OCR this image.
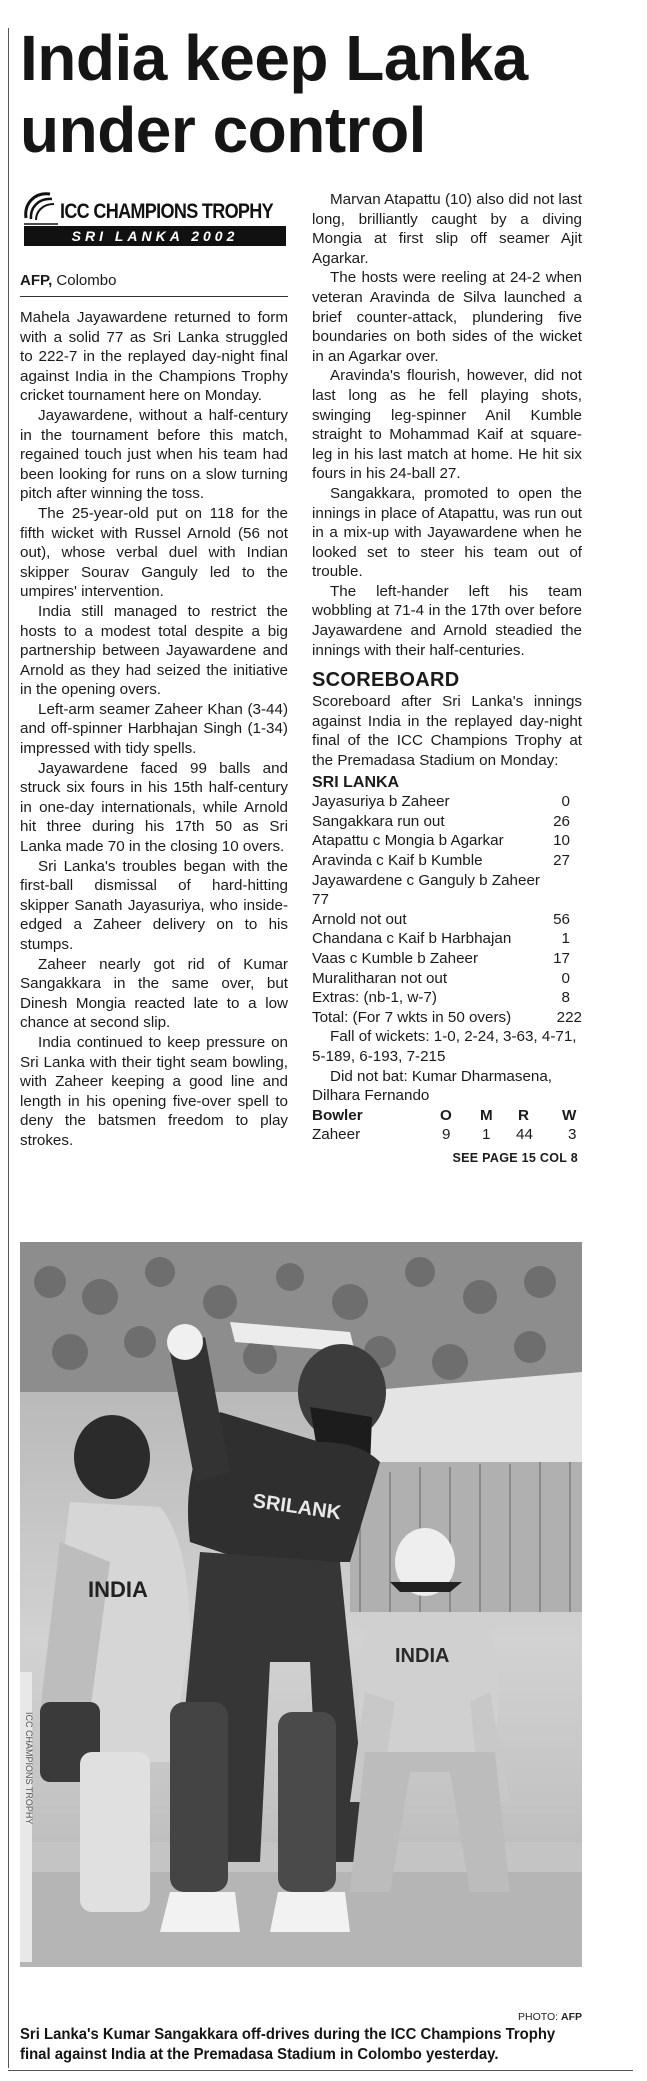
India keep Lanka
under control
ICC CHAMPIONS TROPHY
SRI LANKA 2002
AFP, Colombo

Mahela Jayawardene returned to form with a solid 77 as Sri Lanka struggled to 222-7 in the replayed day-night final against India in the Champions Trophy cricket tournament here on Monday.

Jayawardene, without a half-century in the tournament before this match, regained touch just when his team had been looking for runs on a slow turning pitch after winning the toss.

The 25-year-old put on 118 for the fifth wicket with Russel Arnold (56 not out), whose verbal duel with Indian skipper Sourav Ganguly led to the umpires' intervention.

India still managed to restrict the hosts to a modest total despite a big partnership between Jayawardene and Arnold as they had seized the initiative in the opening overs.

Left-arm seamer Zaheer Khan (3-44) and off-spinner Harbhajan Singh (1-34) impressed with tidy spells.

Jayawardene faced 99 balls and struck six fours in his 15th half-century in one-day internationals, while Arnold hit three during his 17th 50 as Sri Lanka made 70 in the closing 10 overs.

Sri Lanka's troubles began with the first-ball dismissal of hard-hitting skipper Sanath Jayasuriya, who inside-edged a Zaheer delivery on to his stumps.

Zaheer nearly got rid of Kumar Sangakkara in the same over, but Dinesh Mongia reacted late to a low chance at second slip.

India continued to keep pressure on Sri Lanka with their tight seam bowling, with Zaheer keeping a good line and length in his opening five-over spell to deny the batsmen freedom to play strokes.

Marvan Atapattu (10) also did not last long, brilliantly caught by a diving Mongia at first slip off seamer Ajit Agarkar.

The hosts were reeling at 24-2 when veteran Aravinda de Silva launched a brief counter-attack, plundering five boundaries on both sides of the wicket in an Agarkar over.

Aravinda's flourish, however, did not last long as he fell playing shots, swinging leg-spinner Anil Kumble straight to Mohammad Kaif at square-leg in his last match at home. He hit six fours in his 24-ball 27.

Sangakkara, promoted to open the innings in place of Atapattu, was run out in a mix-up with Jayawardene when he looked set to steer his team out of trouble.

The left-hander left his team wobbling at 71-4 in the 17th over before Jayawardene and Arnold steadied the innings with their half-centuries.

SCOREBOARD
Scoreboard after Sri Lanka's innings against India in the replayed day-night final of the ICC Champions Trophy at the Premadasa Stadium on Monday:
SRI LANKA
Jayasuriya b Zaheer	0
Sangakkara run out	26
Atapattu c Mongia b Agarkar	10
Aravinda c Kaif b Kumble	27
Jayawardene c Ganguly b Zaheer
77
Arnold not out	56
Chandana c Kaif b Harbhajan	1
Vaas c Kumble b Zaheer	17
Muralitharan not out	0
Extras: (nb-1, w-7)	8
Total: (For 7 wkts in 50 overs)	222
Fall of wickets: 1-0, 2-24, 3-63, 4-71, 5-189, 6-193, 7-215
Did not bat: Kumar Dharmasena, Dilhara Fernando
Bowler	O M R W
Zaheer	9 1 44 3
SEE PAGE 15 COL 8
INDIA
ICC CHAMPIONS TROPHY
SRILANK
INDIA
PHOTO: AFP
Sri Lanka's Kumar Sangakkara off-drives during the ICC Champions Trophy final against India at the Premadasa Stadium in Colombo yesterday.
